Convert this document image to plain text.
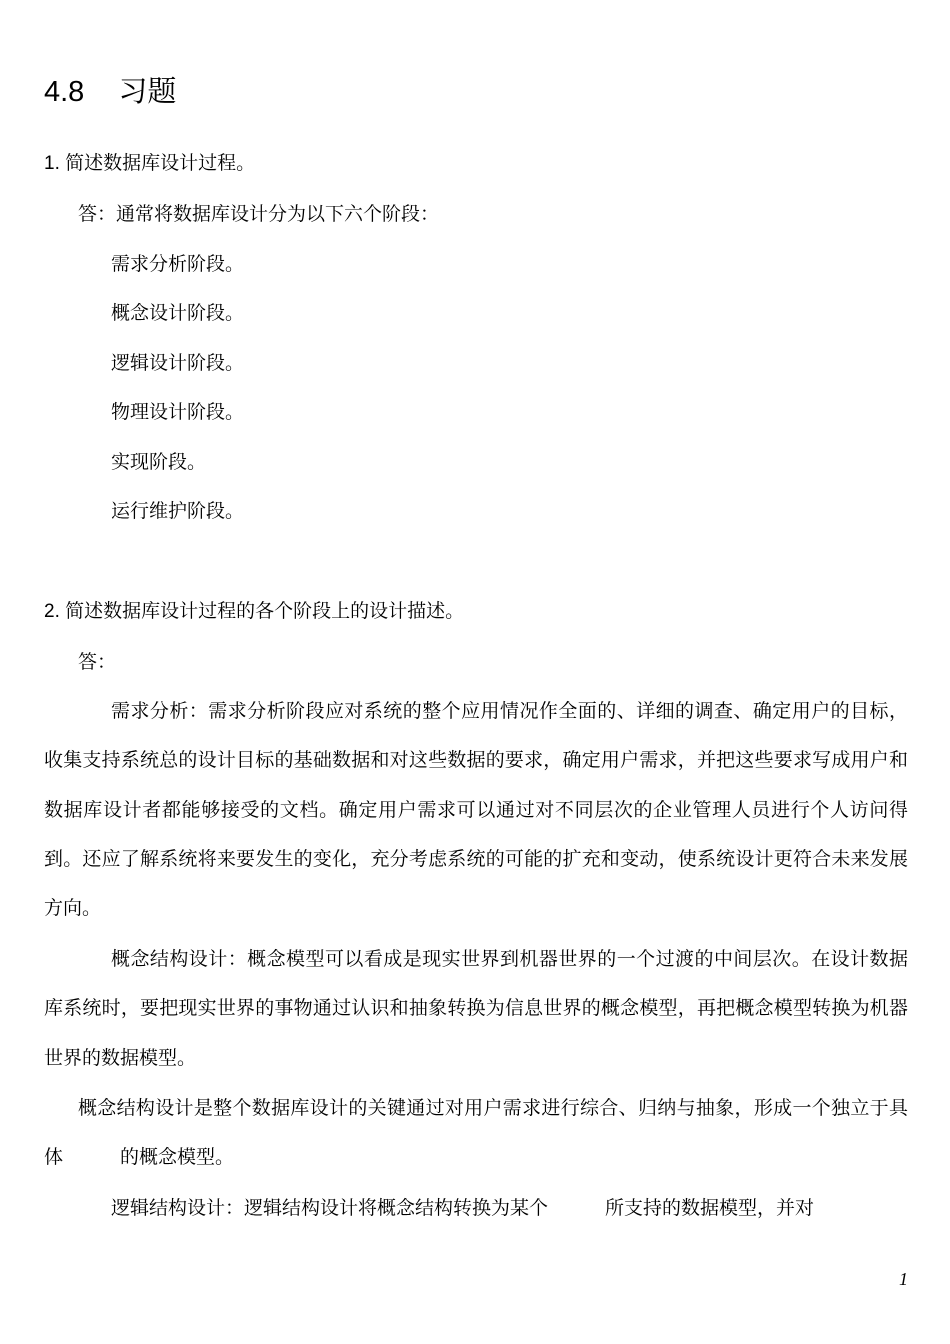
4.8 习题
1. 简述数据库设计过程。
答：通常将数据库设计分为以下六个阶段：
需求分析阶段。
概念设计阶段。
逻辑设计阶段。
物理设计阶段。
实现阶段。
运行维护阶段。
2. 简述数据库设计过程的各个阶段上的设计描述。
答：

需求分析：需求分析阶段应对系统的整个应用情况作全面的、详细的调查、确定用户的目标，收集支持系统总的设计目标的基础数据和对这些数据的要求，确定用户需求，并把这些要求写成用户和数据库设计者都能够接受的文档。确定用户需求可以通过对不同层次的企业管理人员进行个人访问得到。还应了解系统将来要发生的变化，充分考虑系统的可能的扩充和变动，使系统设计更符合未来发展方向。

概念结构设计：概念模型可以看成是现实世界到机器世界的一个过渡的中间层次。在设计数据库系统时，要把现实世界的事物通过认识和抽象转换为信息世界的概念模型，再把概念模型转换为机器世界的数据模型。

概念结构设计是整个数据库设计的关键通过对用户需求进行综合、归纳与抽象，形成一个独立于具体　　　的概念模型。

逻辑结构设计：逻辑结构设计将概念结构转换为某个　　　所支持的数据模型，并对

1
